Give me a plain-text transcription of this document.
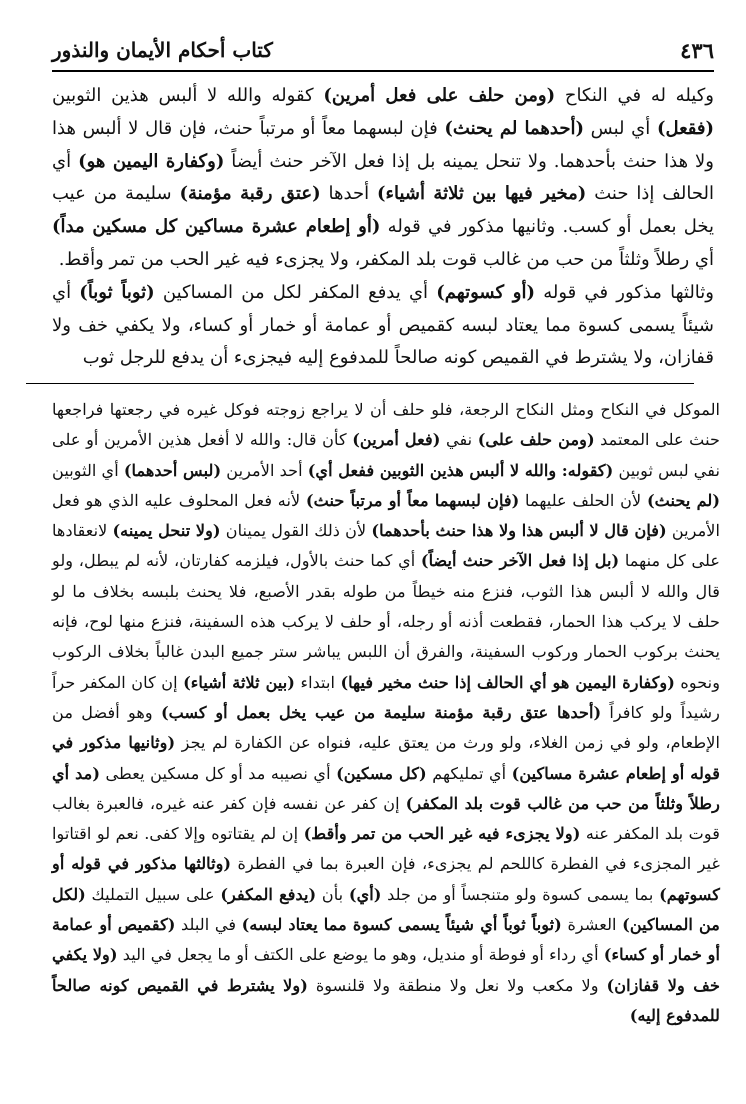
٤٣٦
كتاب أحكام الأيمان والنذور

وكيله له في النكاح (ومن حلف على فعل أمرين) كقوله والله لا ألبس هذين الثوبين (فقعل) أي لبس (أحدهما لم يحنث) فإن لبسهما معاً أو مرتباً حنث، فإن قال لا ألبس هذا ولا هذا حنث بأحدهما. ولا تنحل يمينه بل إذا فعل الآخر حنث أيضاً (وكفارة اليمين هو) أي الحالف إذا حنث (مخير فيها بين ثلاثة أشياء) أحدها (عتق رقبة مؤمنة) سليمة من عيب يخل بعمل أو كسب. وثانيها مذكور في قوله (أو إطعام عشرة مساكين كل مسكين مداً) أي رطلاً وثلثاً من حب من غالب قوت بلد المكفر، ولا يجزىء فيه غير الحب من تمر وأقط.

وثالثها مذكور في قوله (أو كسوتهم) أي يدفع المكفر لكل من المساكين (ثوباً ثوباً) أي شيئاً يسمى كسوة مما يعتاد لبسه كقميص أو عمامة أو خمار أو كساء، ولا يكفي خف ولا قفازان، ولا يشترط في القميص كونه صالحاً للمدفوع إليه فيجزىء أن يدفع للرجل ثوب

الموكل في النكاح ومثل النكاح الرجعة، فلو حلف أن لا يراجع زوجته فوكل غيره في رجعتها فراجعها حنث على المعتمد (ومن حلف على) نفي (فعل أمرين) كأن قال: والله لا أفعل هذين الأمرين أو على نفي لبس ثوبين (كقوله: والله لا ألبس هذين الثوبين ففعل أي) أحد الأمرين (لبس أحدهما) أي الثوبين (لم يحنث) لأن الحلف عليهما (فإن لبسهما معاً أو مرتباً حنث) لأنه فعل المحلوف عليه الذي هو فعل الأمرين (فإن قال لا ألبس هذا ولا هذا حنث بأحدهما) لأن ذلك القول يمينان (ولا تنحل يمينه) لانعقادها على كل منهما (بل إذا فعل الآخر حنث أيضاً) أي كما حنث بالأول، فيلزمه كفارتان، لأنه لم يبطل، ولو قال والله لا ألبس هذا الثوب، فنزع منه خيطاً من طوله بقدر الأصبع، فلا يحنث بلبسه بخلاف ما لو حلف لا يركب هذا الحمار، فقطعت أذنه أو رجله، أو حلف لا يركب هذه السفينة، فنزع منها لوح، فإنه يحنث بركوب الحمار وركوب السفينة، والفرق أن اللبس يباشر ستر جميع البدن غالباً بخلاف الركوب ونحوه (وكفارة اليمين هو أي الحالف إذا حنث مخير فيها) ابتداء (بين ثلاثة أشياء) إن كان المكفر حراً رشيداً ولو كافراً (أحدها عتق رقبة مؤمنة سليمة من عيب يخل بعمل أو كسب) وهو أفضل من الإطعام، ولو في زمن الغلاء، ولو ورث من يعتق عليه، فنواه عن الكفارة لم يجز (وثانيها مذكور في قوله أو إطعام عشرة مساكين) أي تمليكهم (كل مسكين) أي نصيبه مد أو كل مسكين يعطى (مد أي رطلاً وثلثاً من حب من غالب قوت بلد المكفر) إن كفر عن نفسه فإن كفر عنه غيره، فالعبرة بغالب قوت بلد المكفر عنه (ولا يجزىء فيه غير الحب من تمر وأقط) إن لم يقتاتوه وإلا كفى. نعم لو اقتاتوا غير المجزىء في الفطرة كاللحم لم يجزىء، فإن العبرة بما في الفطرة (وثالثها مذكور في قوله أو كسوتهم) بما يسمى كسوة ولو متنجساً أو من جلد (أي) بأن (يدفع المكفر) على سبيل التمليك (لكل من المساكين) العشرة (ثوباً ثوباً أي شيئاً يسمى كسوة مما يعتاد لبسه) في البلد (كقميص أو عمامة أو خمار أو كساء) أي رداء أو فوطة أو منديل، وهو ما يوضع على الكتف أو ما يجعل في اليد (ولا يكفي خف ولا قفازان) ولا مكعب ولا نعل ولا منطقة ولا قلنسوة (ولا يشترط في القميص كونه صالحاً للمدفوع إليه)
